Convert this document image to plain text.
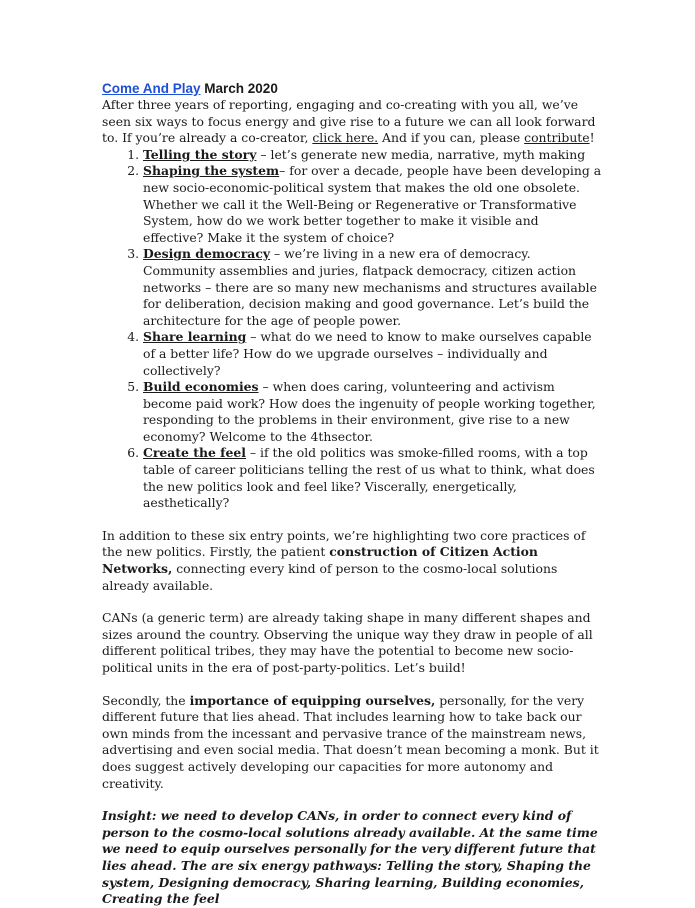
Come And Play March 2020

After three years of reporting, engaging and co-creating with you all, we’ve seen six ways to focus energy and give rise to a future we can all look forward to. If you’re already a co-creator, click here. And if you can, please contribute!

1. Telling the story – let’s generate new media, narrative, myth making
2. Shaping the system– for over a decade, people have been developing a new socio-economic-political system that makes the old one obsolete. Whether we call it the Well-Being or Regenerative or Transformative System, how do we work better together to make it visible and effective? Make it the system of choice?
3. Design democracy – we’re living in a new era of democracy. Community assemblies and juries, flatpack democracy, citizen action networks – there are so many new mechanisms and structures available for deliberation, decision making and good governance. Let’s build the architecture for the age of people power.
4. Share learning – what do we need to know to make ourselves capable of a better life? How do we upgrade ourselves – individually and collectively?
5. Build economies – when does caring, volunteering and activism become paid work? How does the ingenuity of people working together, responding to the problems in their environment, give rise to a new economy? Welcome to the 4thsector.
6. Create the feel – if the old politics was smoke-filled rooms, with a top table of career politicians telling the rest of us what to think, what does the new politics look and feel like? Viscerally, energetically, aesthetically?

In addition to these six entry points, we’re highlighting two core practices of the new politics. Firstly, the patient construction of Citizen Action Networks, connecting every kind of person to the cosmo-local solutions already available.

CANs (a generic term) are already taking shape in many different shapes and sizes around the country. Observing the unique way they draw in people of all different political tribes, they may have the potential to become new socio-political units in the era of post-party-politics. Let’s build!

Secondly, the importance of equipping ourselves, personally, for the very different future that lies ahead. That includes learning how to take back our own minds from the incessant and pervasive trance of the mainstream news, advertising and even social media. That doesn’t mean becoming a monk. But it does suggest actively developing our capacities for more autonomy and creativity.

Insight: we need to develop CANs, in order to connect every kind of person to the cosmo-local solutions already available. At the same time we need to equip ourselves personally for the very different future that lies ahead. The are six energy pathways: Telling the story, Shaping the system, Designing democracy, Sharing learning, Building economies, Creating the feel
